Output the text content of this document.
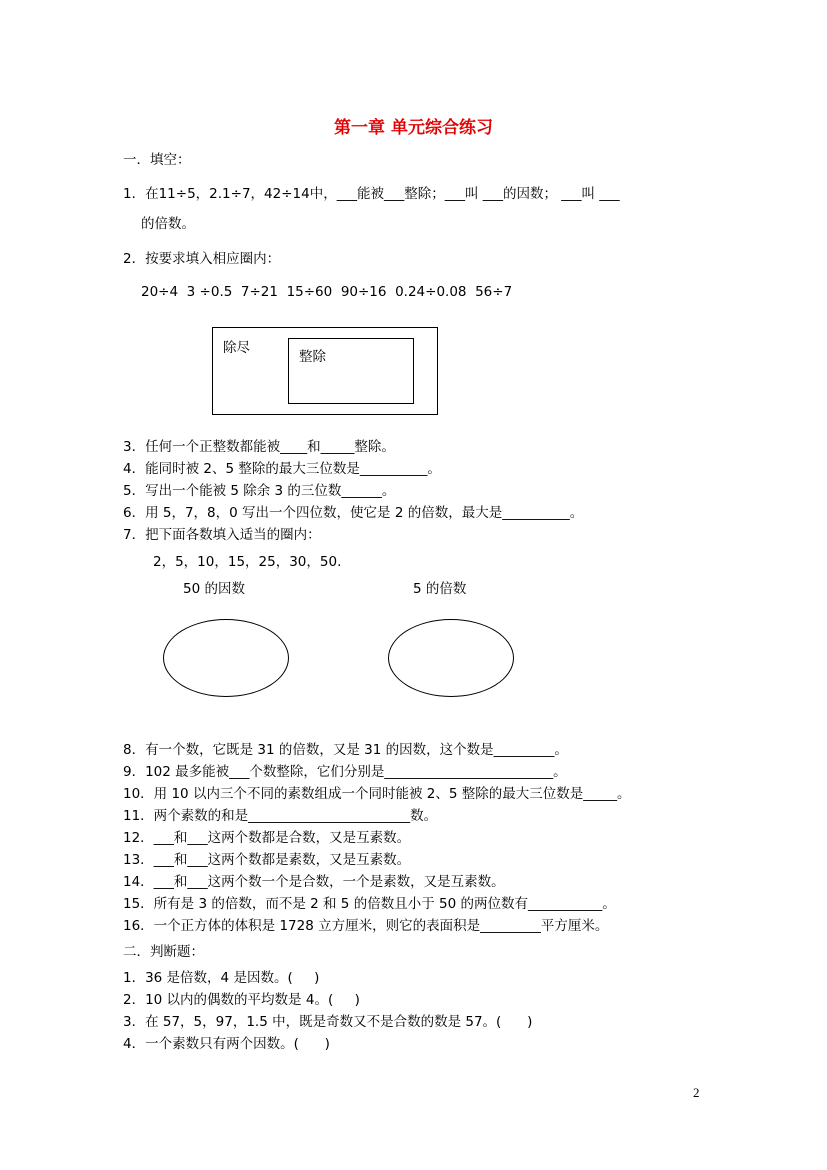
第一章 单元综合练习
一．填空：
1．在11÷5，2.1÷7，42÷14中，___能被___整除；___叫 ___的因数； ___叫 ___
的倍数。
2．按要求填入相应圈内：
20÷4  3 ÷0.5  7÷21  15÷60  90÷16  0.24÷0.08  56÷7
除尽
整除
3．任何一个正整数都能被____和_____整除。
4．能同时被 2、5 整除的最大三位数是__________。
5．写出一个能被 5 除余 3 的三位数______。
6．用 5，7，8，0 写出一个四位数，使它是 2 的倍数，最大是__________。
7．把下面各数填入适当的圈内：
2，5，10，15，25，30，50.
50 的因数	5 的倍数
8．有一个数，它既是 31 的倍数，又是 31 的因数，这个数是_________。
9．102 最多能被___个数整除，它们分别是_________________________。
10．用 10 以内三个不同的素数组成一个同时能被 2、5 整除的最大三位数是_____。
11．两个素数的和是________________________数。
12．___和___这两个数都是合数，又是互素数。
13．___和___这两个数都是素数，又是互素数。
14．___和___这两个数一个是合数，一个是素数，又是互素数。
15．所有是 3 的倍数，而不是 2 和 5 的倍数且小于 50 的两位数有___________。
16．一个正方体的体积是 1728 立方厘米，则它的表面积是_________平方厘米。
二．判断题：
1．36 是倍数，4 是因数。(     )
2．10 以内的偶数的平均数是 4。(     )
3．在 57，5，97，1.5 中，既是奇数又不是合数的数是 57。(      )
4．一个素数只有两个因数。(      )
2
